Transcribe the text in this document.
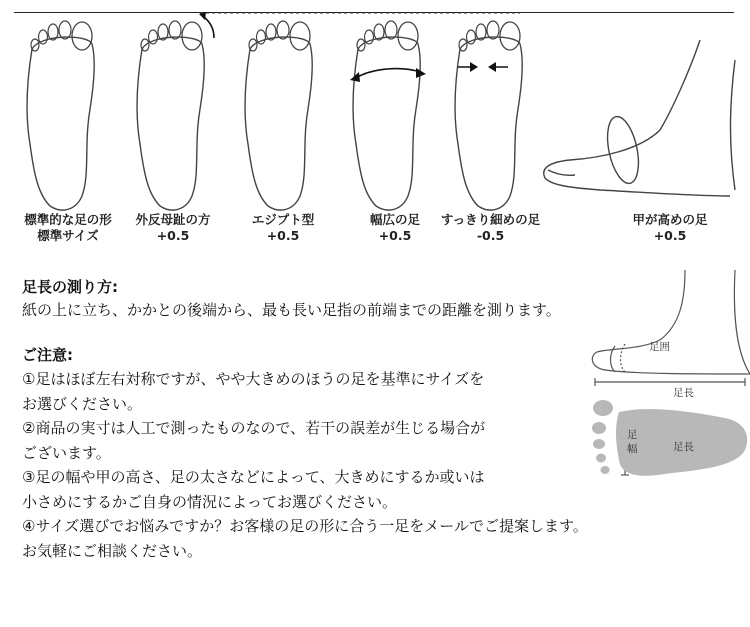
標準的な足の形
標準サイズ
外反母趾の方
+0.5
エジプト型
+0.5
幅広の足
+0.5
すっきり細めの足
-0.5
甲が高めの足
+0.5
足長の測り方:
紙の上に立ち、かかとの後端から、最も長い足指の前端までの距離を測ります。
ご注意:
①足はほぼ左右対称ですが、やや大きめのほうの足を基準にサイズを
お選びください。
②商品の実寸は人工で測ったものなので、若干の誤差が生じる場合が
ございます。
③足の幅や甲の高さ、足の太さなどによって、大きめにするか或いは
小さめにするかご自身の情況によってお選びください。
④サイズ選びでお悩みですか？お客様の足の形に合う一足をメールでご提案します。
お気軽にご相談ください。
足囲
足長
足
幅	足長
